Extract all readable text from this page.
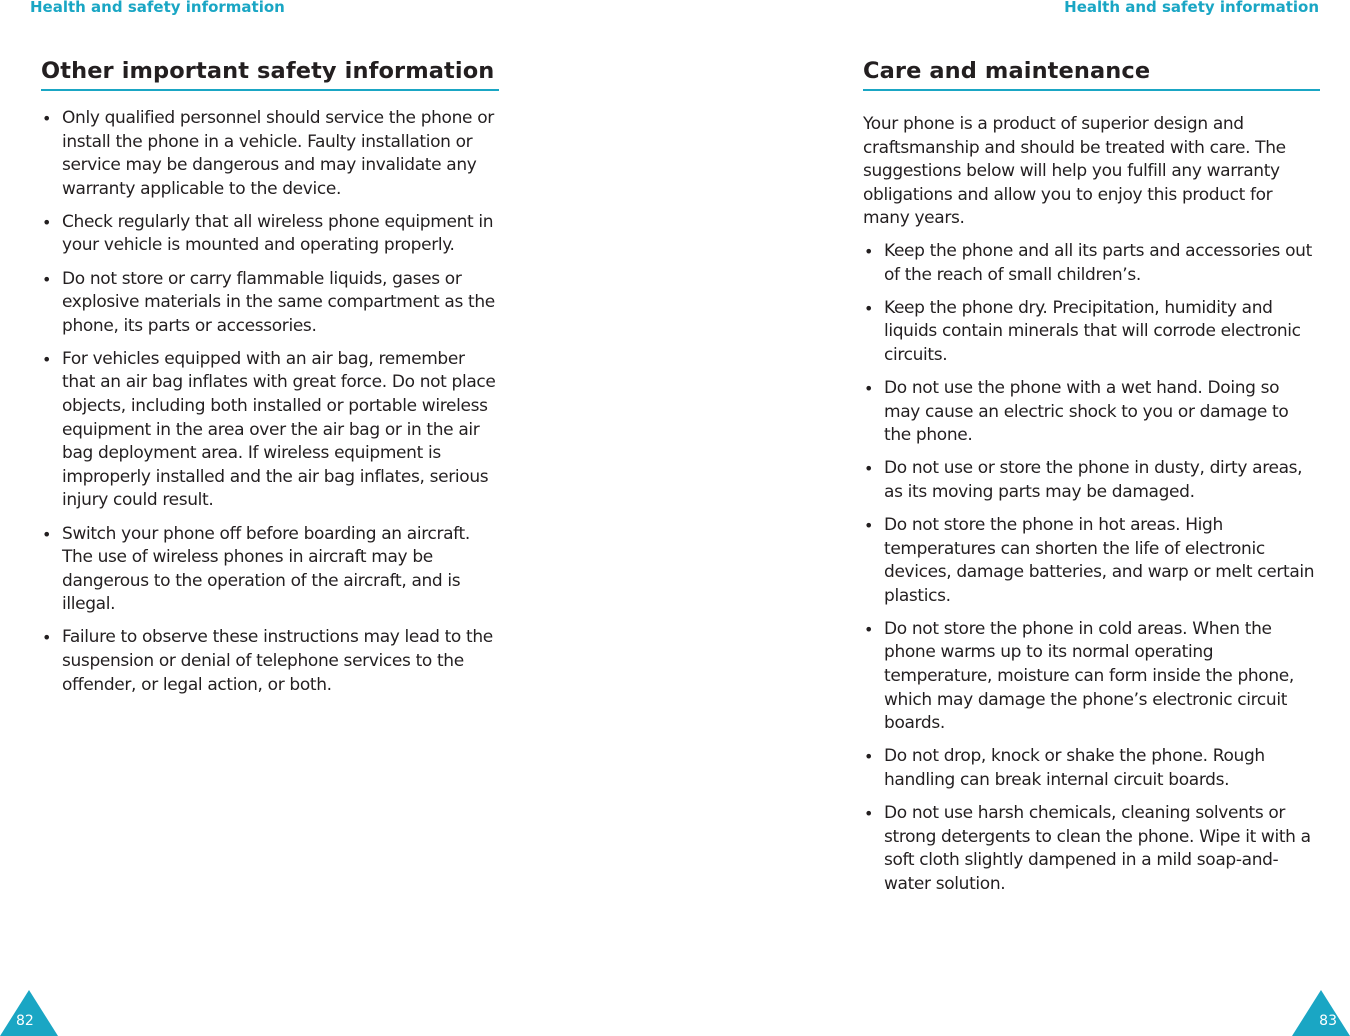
Health and safety information
Other important safety information
• Only qualified personnel should service the phone or install the phone in a vehicle. Faulty installation or service may be dangerous and may invalidate any warranty applicable to the device.
• Check regularly that all wireless phone equipment in your vehicle is mounted and operating properly.
• Do not store or carry flammable liquids, gases or explosive materials in the same compartment as the phone, its parts or accessories.
• For vehicles equipped with an air bag, remember that an air bag inflates with great force. Do not place objects, including both installed or portable wireless equipment in the area over the air bag or in the air bag deployment area. If wireless equipment is improperly installed and the air bag inflates, serious injury could result.
• Switch your phone off before boarding an aircraft. The use of wireless phones in aircraft may be dangerous to the operation of the aircraft, and is illegal.
• Failure to observe these instructions may lead to the suspension or denial of telephone services to the offender, or legal action, or both.
82
Health and safety information
Care and maintenance

Your phone is a product of superior design and craftsmanship and should be treated with care. The suggestions below will help you fulfill any warranty obligations and allow you to enjoy this product for many years.

• Keep the phone and all its parts and accessories out of the reach of small children’s.
• Keep the phone dry. Precipitation, humidity and liquids contain minerals that will corrode electronic circuits.
• Do not use the phone with a wet hand. Doing so may cause an electric shock to you or damage to the phone.
• Do not use or store the phone in dusty, dirty areas, as its moving parts may be damaged.
• Do not store the phone in hot areas. High temperatures can shorten the life of electronic devices, damage batteries, and warp or melt certain plastics.
• Do not store the phone in cold areas. When the phone warms up to its normal operating temperature, moisture can form inside the phone, which may damage the phone’s electronic circuit boards.
• Do not drop, knock or shake the phone. Rough handling can break internal circuit boards.
• Do not use harsh chemicals, cleaning solvents or strong detergents to clean the phone. Wipe it with a soft cloth slightly dampened in a mild soap-and-water solution.
83
